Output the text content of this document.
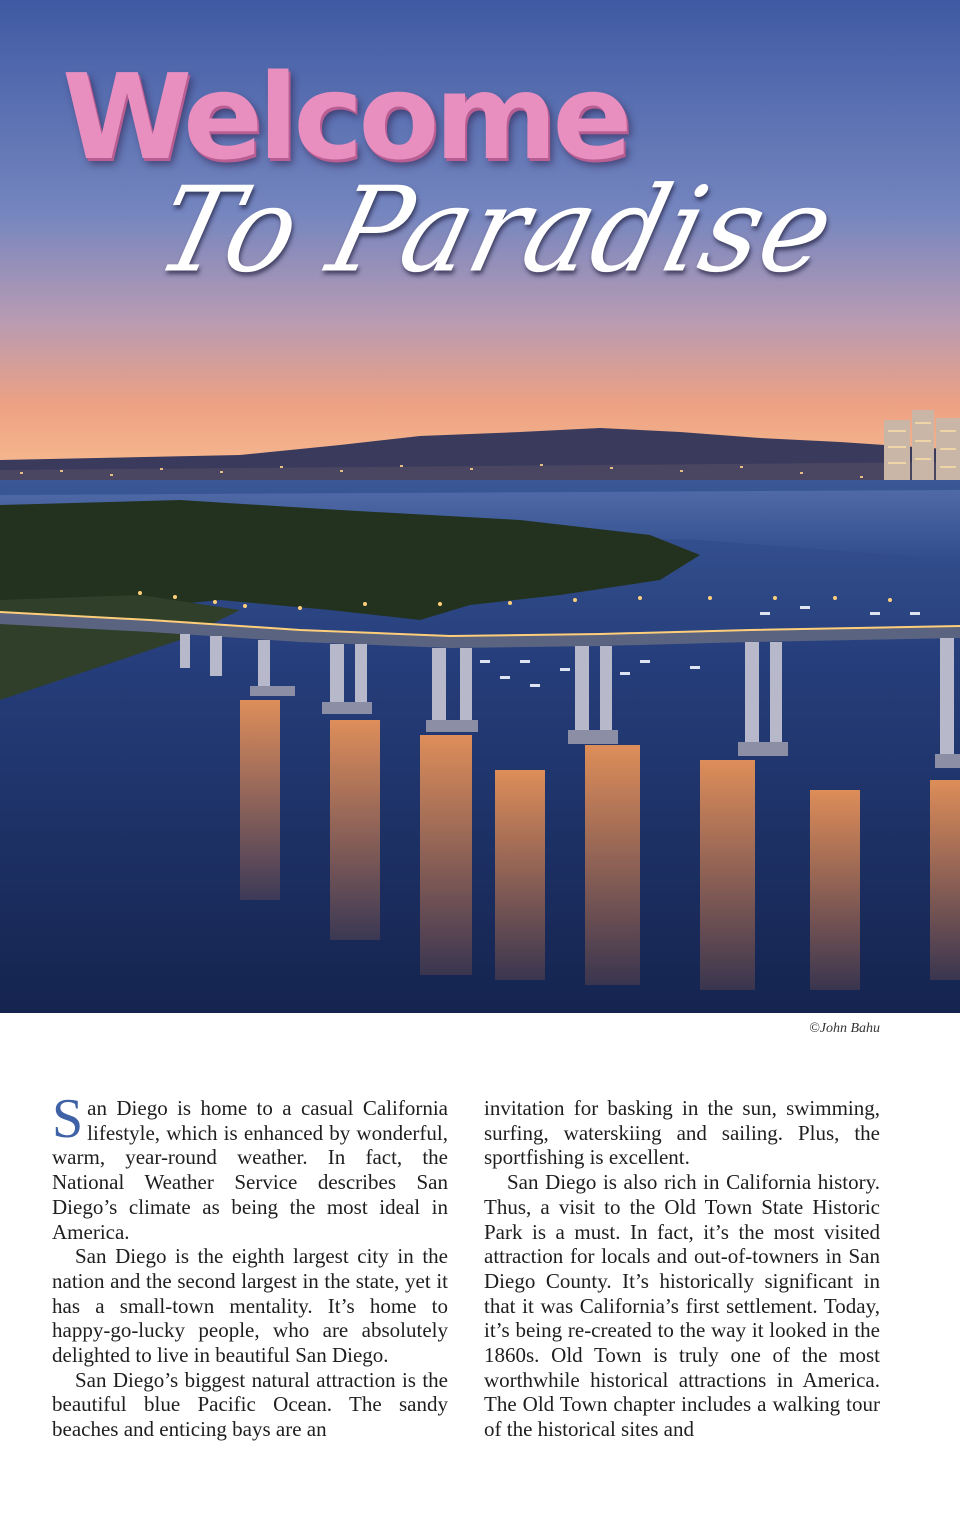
Welcome
To Paradise
©John Bahu

San Diego is home to a casual California lifestyle, which is enhanced by wonderful, warm, year-round weather. In fact, the National Weather Service describes San Diego’s climate as being the most ideal in America.

San Diego is the eighth largest city in the nation and the second largest in the state, yet it has a small-town mentality. It’s home to happy-go-lucky people, who are absolutely delighted to live in beautiful San Diego.

San Diego’s biggest natural attraction is the beautiful blue Pacific Ocean. The sandy beaches and enticing bays are an

invitation for basking in the sun, swimming, surfing, waterskiing and sailing. Plus, the sportfishing is excellent.

San Diego is also rich in California history. Thus, a visit to the Old Town State Historic Park is a must. In fact, it’s the most visited attraction for locals and out-of-towners in San Diego County. It’s historically significant in that it was California’s first settlement. Today, it’s being re-created to the way it looked in the 1860s. Old Town is truly one of the most worthwhile historical attractions in America. The Old Town chapter includes a walking tour of the historical sites and
